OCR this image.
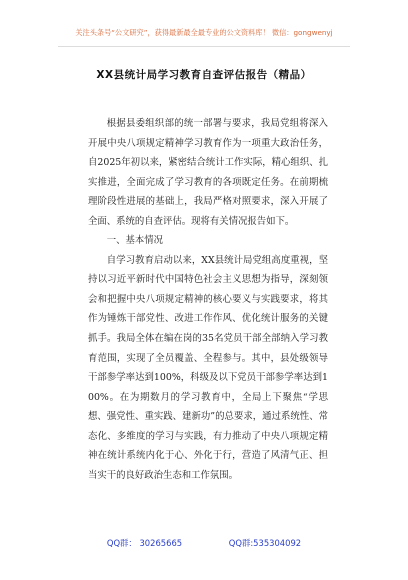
关注头条号“公文研究”，获得最新最全最专业的公文资料库！ 微信：gongwenyj
XX县统计局学习教育自查评估报告（精品）

根据县委组织部的统一部署与要求，我局党组将深入开展中央八项规定精神学习教育作为一项重大政治任务，自2025年初以来，紧密结合统计工作实际，精心组织、扎实推进，全面完成了学习教育的各项既定任务。在前期梳理阶段性进展的基础上，我局严格对照要求，深入开展了全面、系统的自查评估。现将有关情况报告如下。

一、基本情况

自学习教育启动以来，XX县统计局党组高度重视，坚持以习近平新时代中国特色社会主义思想为指导，深刻领会和把握中央八项规定精神的核心要义与实践要求，将其作为锤炼干部党性、改进工作作风、优化统计服务的关键抓手。我局全体在编在岗的35名党员干部全部纳入学习教育范围，实现了全员覆盖、全程参与。其中，县处级领导干部参学率达到100%，科级及以下党员干部参学率达到100%。在为期数月的学习教育中，全局上下聚焦“学思想、强党性、重实践、建新功”的总要求，通过系统性、常态化、多维度的学习与实践，有力推动了中央八项规定精神在统计系统内化于心、外化于行，营造了风清气正、担当实干的良好政治生态和工作氛围。

QQ群： 30265665	QQ群:535304092
